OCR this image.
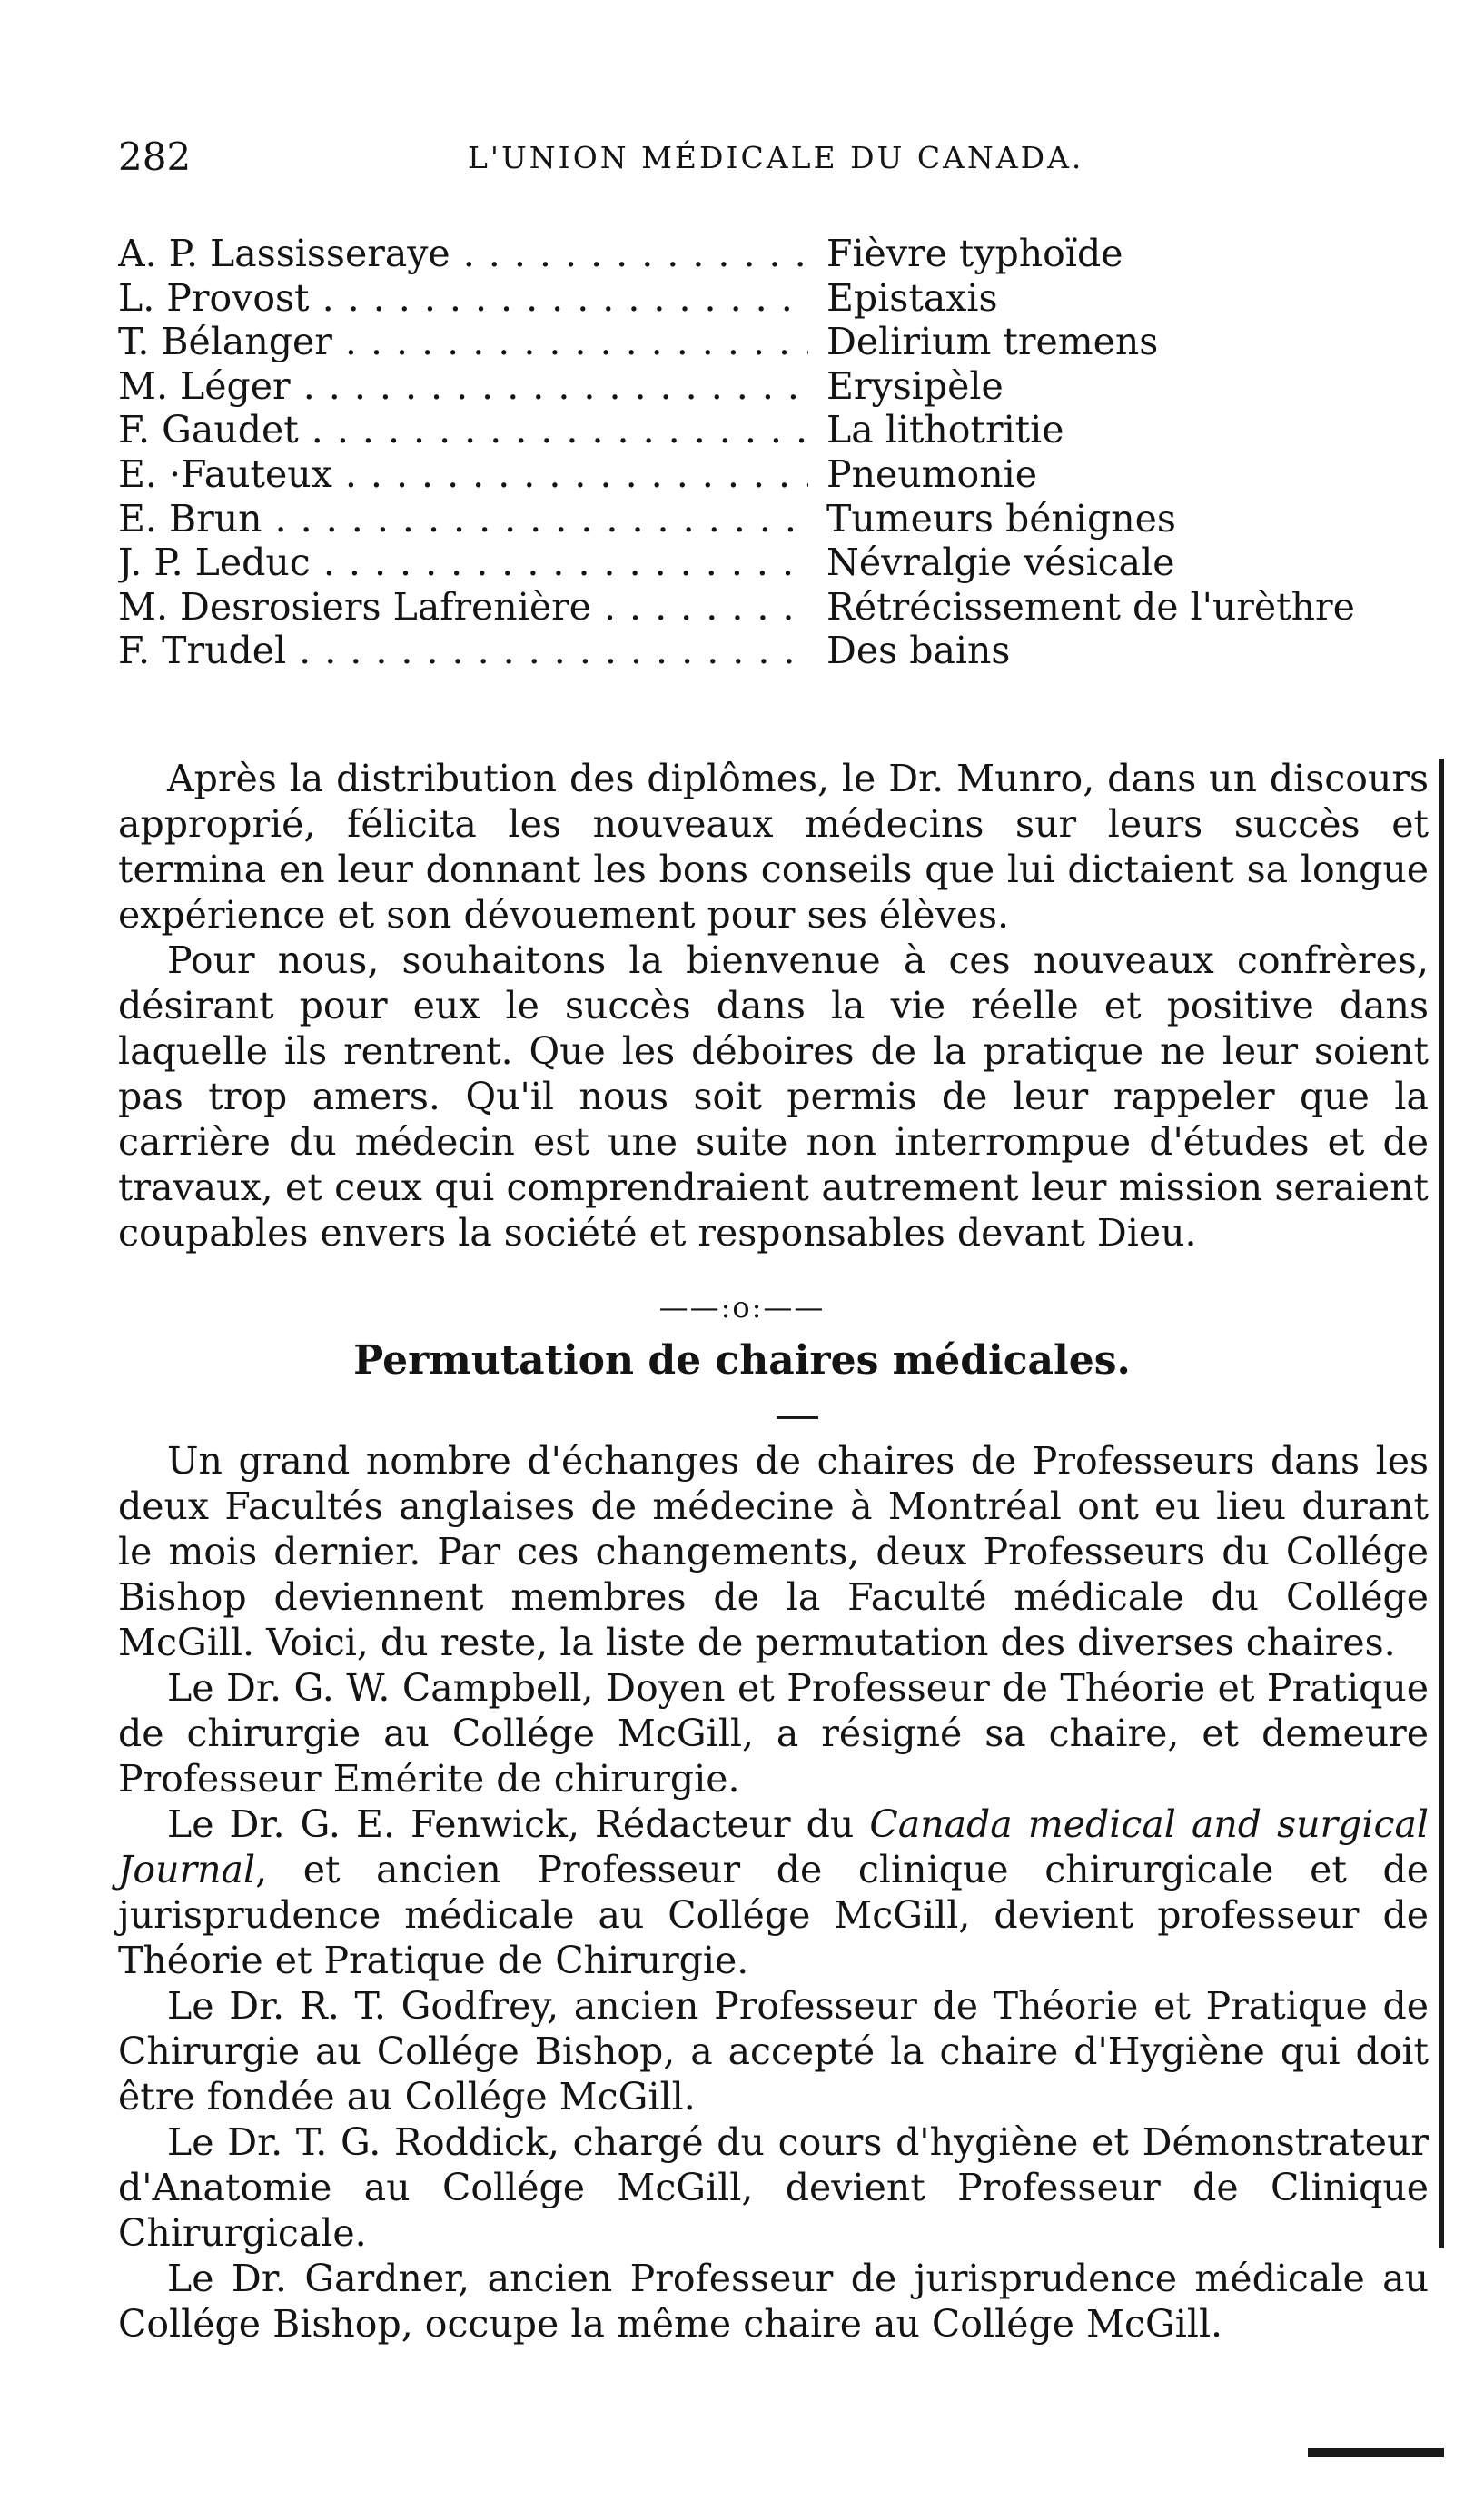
282	L'UNION MÉDICALE DU CANADA.
A. P. Lassisseraye . . .	Fièvre typhoïde
L. Provost . . .	Epistaxis
T. Bélanger . . .	Delirium tremens
M. Léger . . .	Erysipèle
F. Gaudet . . .	La lithotritie
E. ·Fauteux . . .	Pneumonie
E. Brun . . .	Tumeurs bénignes
J. P. Leduc . . .	Névralgie vésicale
M. Desrosiers Lafrenière . . .	Rétrécissement de l'urèthre
F. Trudel . . .	Des bains

Après la distribution des diplômes, le Dr. Munro, dans un discours approprié, félicita les nouveaux médecins sur leurs succès et termina en leur donnant les bons conseils que lui dictaient sa longue expérience et son dévouement pour ses élèves.

Pour nous, souhaitons la bienvenue à ces nouveaux confrères, désirant pour eux le succès dans la vie réelle et positive dans laquelle ils rentrent. Que les déboires de la pratique ne leur soient pas trop amers. Qu'il nous soit permis de leur rappeler que la carrière du médecin est une suite non interrompue d'études et de travaux, et ceux qui comprendraient autrement leur mission seraient coupables envers la société et responsables devant Dieu.

——:o:——
Permutation de chaires médicales.

Un grand nombre d'échanges de chaires de Professeurs dans les deux Facultés anglaises de médecine à Montréal ont eu lieu durant le mois dernier. Par ces changements, deux Professeurs du Collége Bishop deviennent membres de la Faculté médicale du Collége McGill. Voici, du reste, la liste de permutation des diverses chaires.

Le Dr. G. W. Campbell, Doyen et Professeur de Théorie et Pratique de chirurgie au Collége McGill, a résigné sa chaire, et demeure Professeur Emérite de chirurgie.

Le Dr. G. E. Fenwick, Rédacteur du Canada medical and surgical Journal, et ancien Professeur de clinique chirurgicale et de jurisprudence médicale au Collége McGill, devient professeur de Théorie et Pratique de Chirurgie.

Le Dr. R. T. Godfrey, ancien Professeur de Théorie et Pratique de Chirurgie au Collége Bishop, a accepté la chaire d'Hygiène qui doit être fondée au Collége McGill.

Le Dr. T. G. Roddick, chargé du cours d'hygiène et Démonstrateur d'Anatomie au Collége McGill, devient Professeur de Clinique Chirurgicale.

Le Dr. Gardner, ancien Professeur de jurisprudence médicale au Collége Bishop, occupe la même chaire au Collége McGill.
